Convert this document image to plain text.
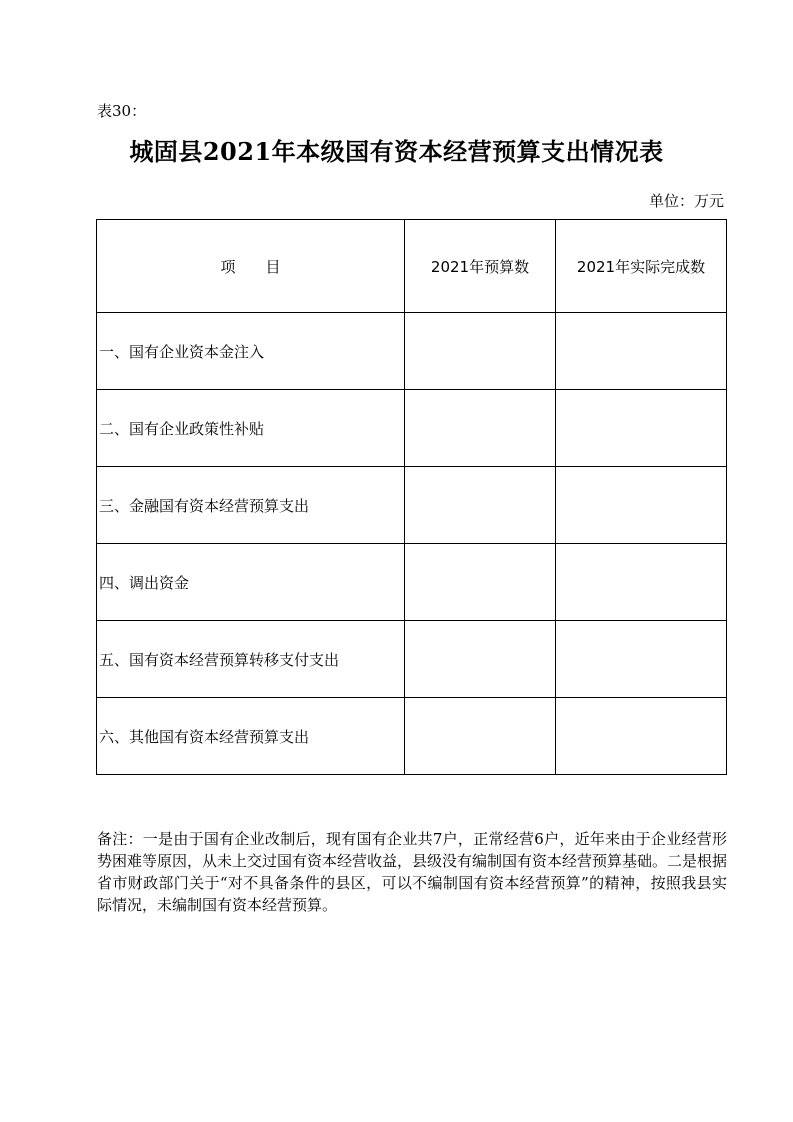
表30：
城固县2021年本级国有资本经营预算支出情况表
单位：万元
项　　目	2021年预算数	2021年实际完成数
一、国有企业资本金注入		
二、国有企业政策性补贴		
三、金融国有资本经营预算支出		
四、调出资金		
五、国有资本经营预算转移支付支出		
六、其他国有资本经营预算支出		
备注：一是由于国有企业改制后，现有国有企业共7户，正常经营6户，近年来由于企业经营形势困难等原因，从未上交过国有资本经营收益，县级没有编制国有资本经营预算基础。二是根据省市财政部门关于“对不具备条件的县区，可以不编制国有资本经营预算”的精神，按照我县实际情况，未编制国有资本经营预算。
